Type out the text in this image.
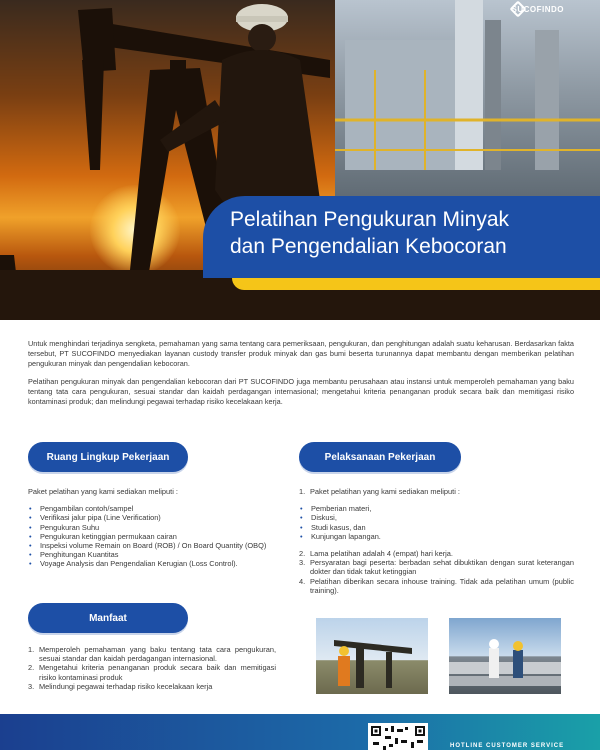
SUCOFINDO
Pelatihan Pengukuran Minyak
dan Pengendalian Kebocoran

Untuk menghindari terjadinya sengketa, pemahaman yang sama tentang cara pemeriksaan, pengukuran, dan penghitungan adalah suatu keharusan. Berdasarkan fakta tersebut, PT SUCOFINDO menyediakan layanan custody transfer produk minyak dan gas bumi beserta turunannya dapat membantu dengan memberikan pelatihan pengukuran minyak dan pengendalian kebocoran.

Pelatihan pengukuran minyak dan pengendalian kebocoran dari PT SUCOFINDO juga membantu perusahaan atau instansi untuk memperoleh pemahaman yang baku tentang tata cara pengukuran, sesuai standar dan kaidah perdagangan internasional; mengetahui kriteria penanganan produk secara baik dan memitigasi risiko kontaminasi produk; dan melindungi pegawai terhadap risiko kecelakaan kerja.

Ruang Lingkup Pekerjaan
Paket pelatihan yang kami sediakan meliputi :
• Pengambilan contoh/sampel
• Verifikasi jalur pipa (Line Verification)
• Pengukuran Suhu
• Pengukuran ketinggian permukaan cairan
• Inspeksi volume Remain on Board (ROB) / On Board Quantity (OBQ)
• Penghitungan Kuantitas
• Voyage Analysis dan Pengendalian Kerugian (Loss Control).
Pelaksanaan Pekerjaan
1. Paket pelatihan yang kami sediakan meliputi :
• Pemberian materi,
• Diskusi,
• Studi kasus, dan
• Kunjungan lapangan.
2. Lama pelatihan adalah 4 (empat) hari kerja.
3. Persyaratan bagi peserta: berbadan sehat dibuktikan dengan surat keterangan dokter dan tidak takut ketinggian
4. Pelatihan diberikan secara inhouse training. Tidak ada pelatihan umum (public training).
Manfaat
1. Memperoleh pemahaman yang baku tentang tata cara pengukuran, sesuai standar dan kaidah perdagangan internasional.
2. Mengetahui kriteria penanganan produk secara baik dan memitigasi risiko kontaminasi produk
3. Melindungi pegawai terhadap risiko kecelakaan kerja
HOTLINE CUSTOMER SERVICE
